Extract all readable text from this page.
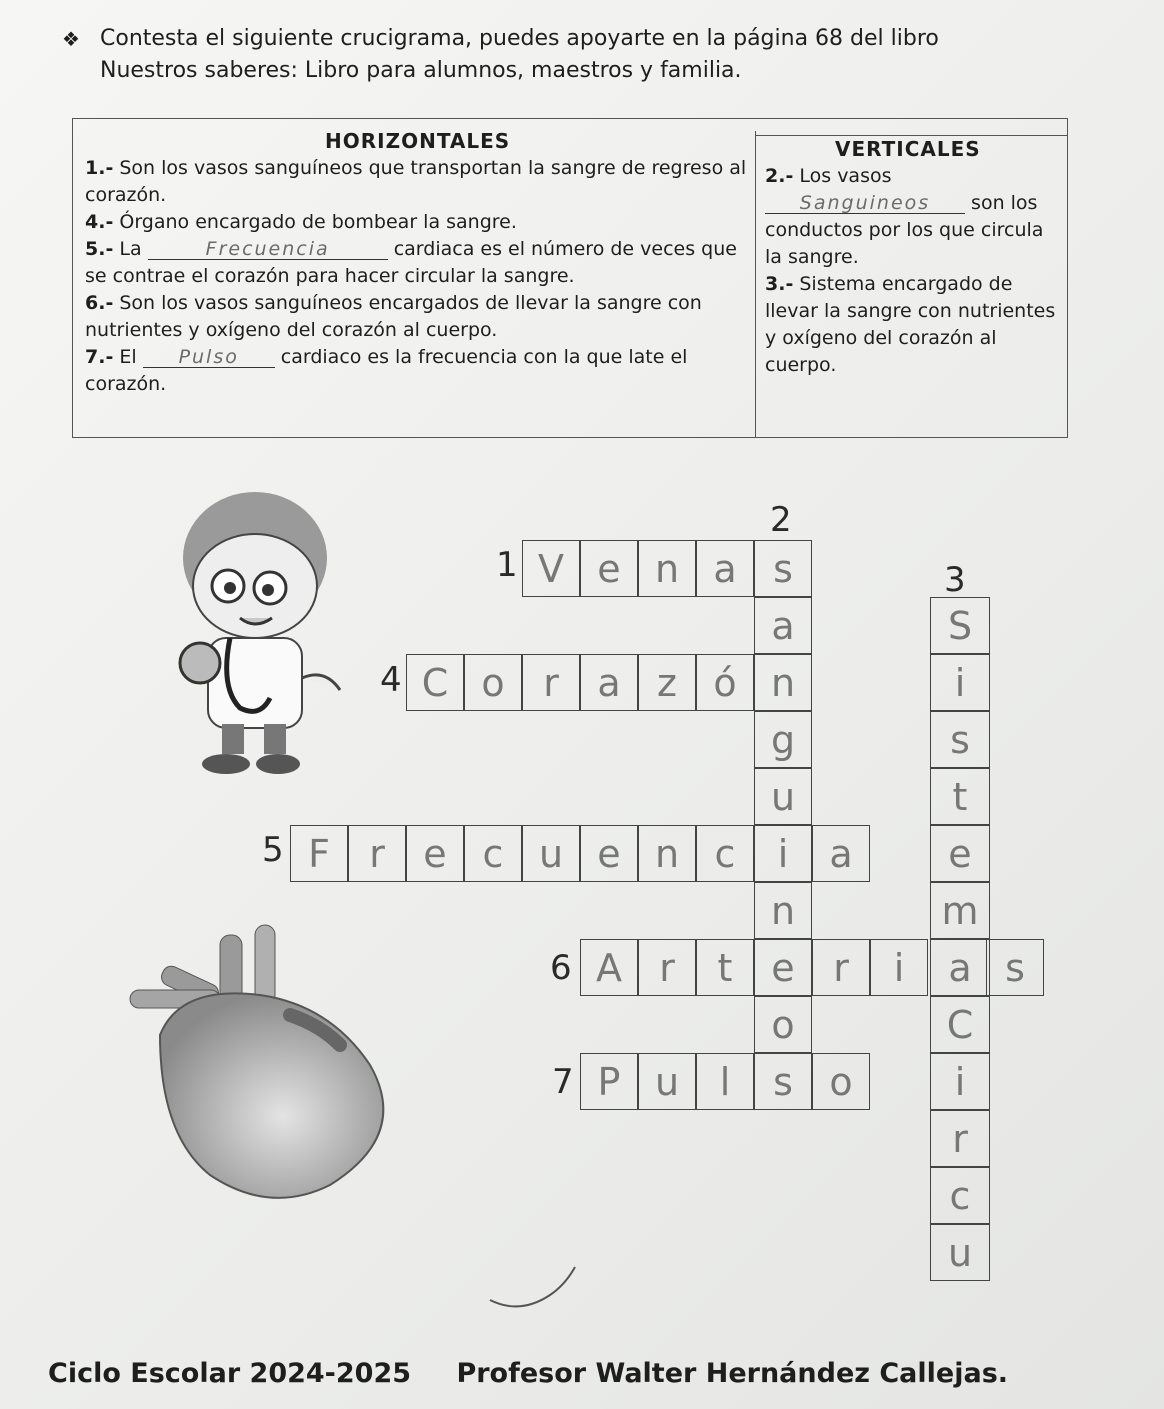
❖ Contesta el siguiente crucigrama, puedes apoyarte en la página 68 del libro
Nuestros saberes: Libro para alumnos, maestros y familia.
HORIZONTALES	VERTICALES

1.- Son los vasos sanguíneos que transportan la sangre de regreso al corazón.

4.- Órgano encargado de bombear la sangre.

5.- La	Frecuencia	cardiaca es el número de veces que se contrae el corazón para hacer circular la sangre.

6.- Son los vasos sanguíneos encargados de llevar la sangre con nutrientes y oxígeno del corazón al cuerpo.

7.- El Pulso cardiaco es la frecuencia con la que late el corazón.

2.- Los vasos Sanguineos son los conductos por los que circula la sangre.

3.- Sistema encargado de llevar la sangre con nutrientes y oxígeno del corazón al cuerpo.

V e n a s
a
n
g
u
i
n
e
o
s
S
i
s
t
e
m
a
C
i
r
c
u
C o	r	a z ó
F	r	e c u e n c	a
A r	t	r	i	s
P u	l	o
1
2
3
4
5
6
7
Ciclo Escolar 2024-2025 Profesor Walter Hernández Callejas.
